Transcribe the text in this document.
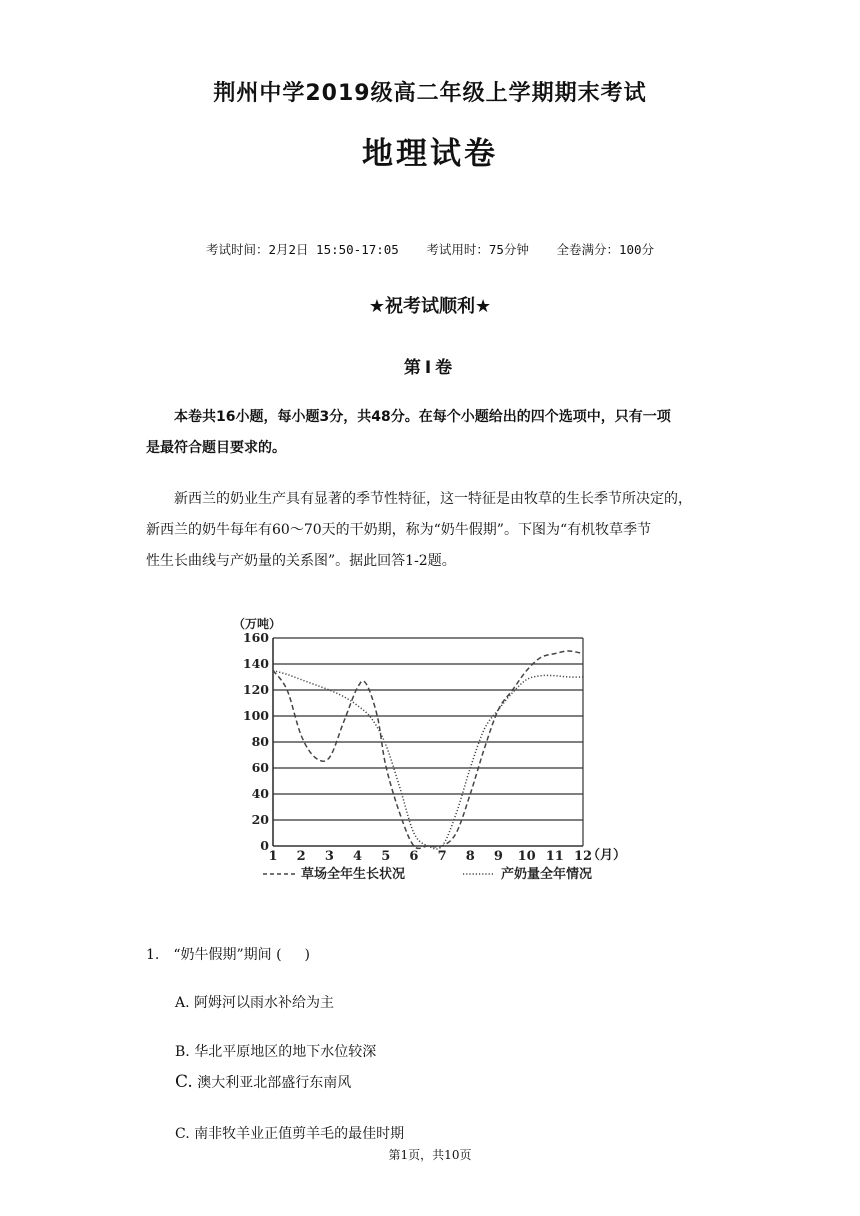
荆州中学2019级高二年级上学期期末考试
地理试卷
考试时间：2月2日 15:50-17:05 考试用时：75分钟 全卷满分：100分
★祝考试顺利★
第Ⅰ卷
本卷共16小题，每小题3分，共48分。在每个小题给出的四个选项中，只有一项
是最符合题目要求的。
新西兰的奶业生产具有显著的季节性特征，这一特征是由牧草的生长季节所决定的，
新西兰的奶牛每年有60～70天的干奶期，称为“奶牛假期”。下图为“有机牧草季节
性生长曲线与产奶量的关系图”。据此回答1-2题。
0
20
40
60
80
100
120
140
160
1 2 3 4 5 6 7 8 9 10 11 12
（万吨）
（月）
草场全年生长状况	产奶量全年情况
1.　“奶牛假期”期间 ( 　 )
A. 阿姆河以雨水补给为主
B. 华北平原地区的地下水位较深
C. 澳大利亚北部盛行东南风
C. 南非牧羊业正值剪羊毛的最佳时期
第1页，共10页
